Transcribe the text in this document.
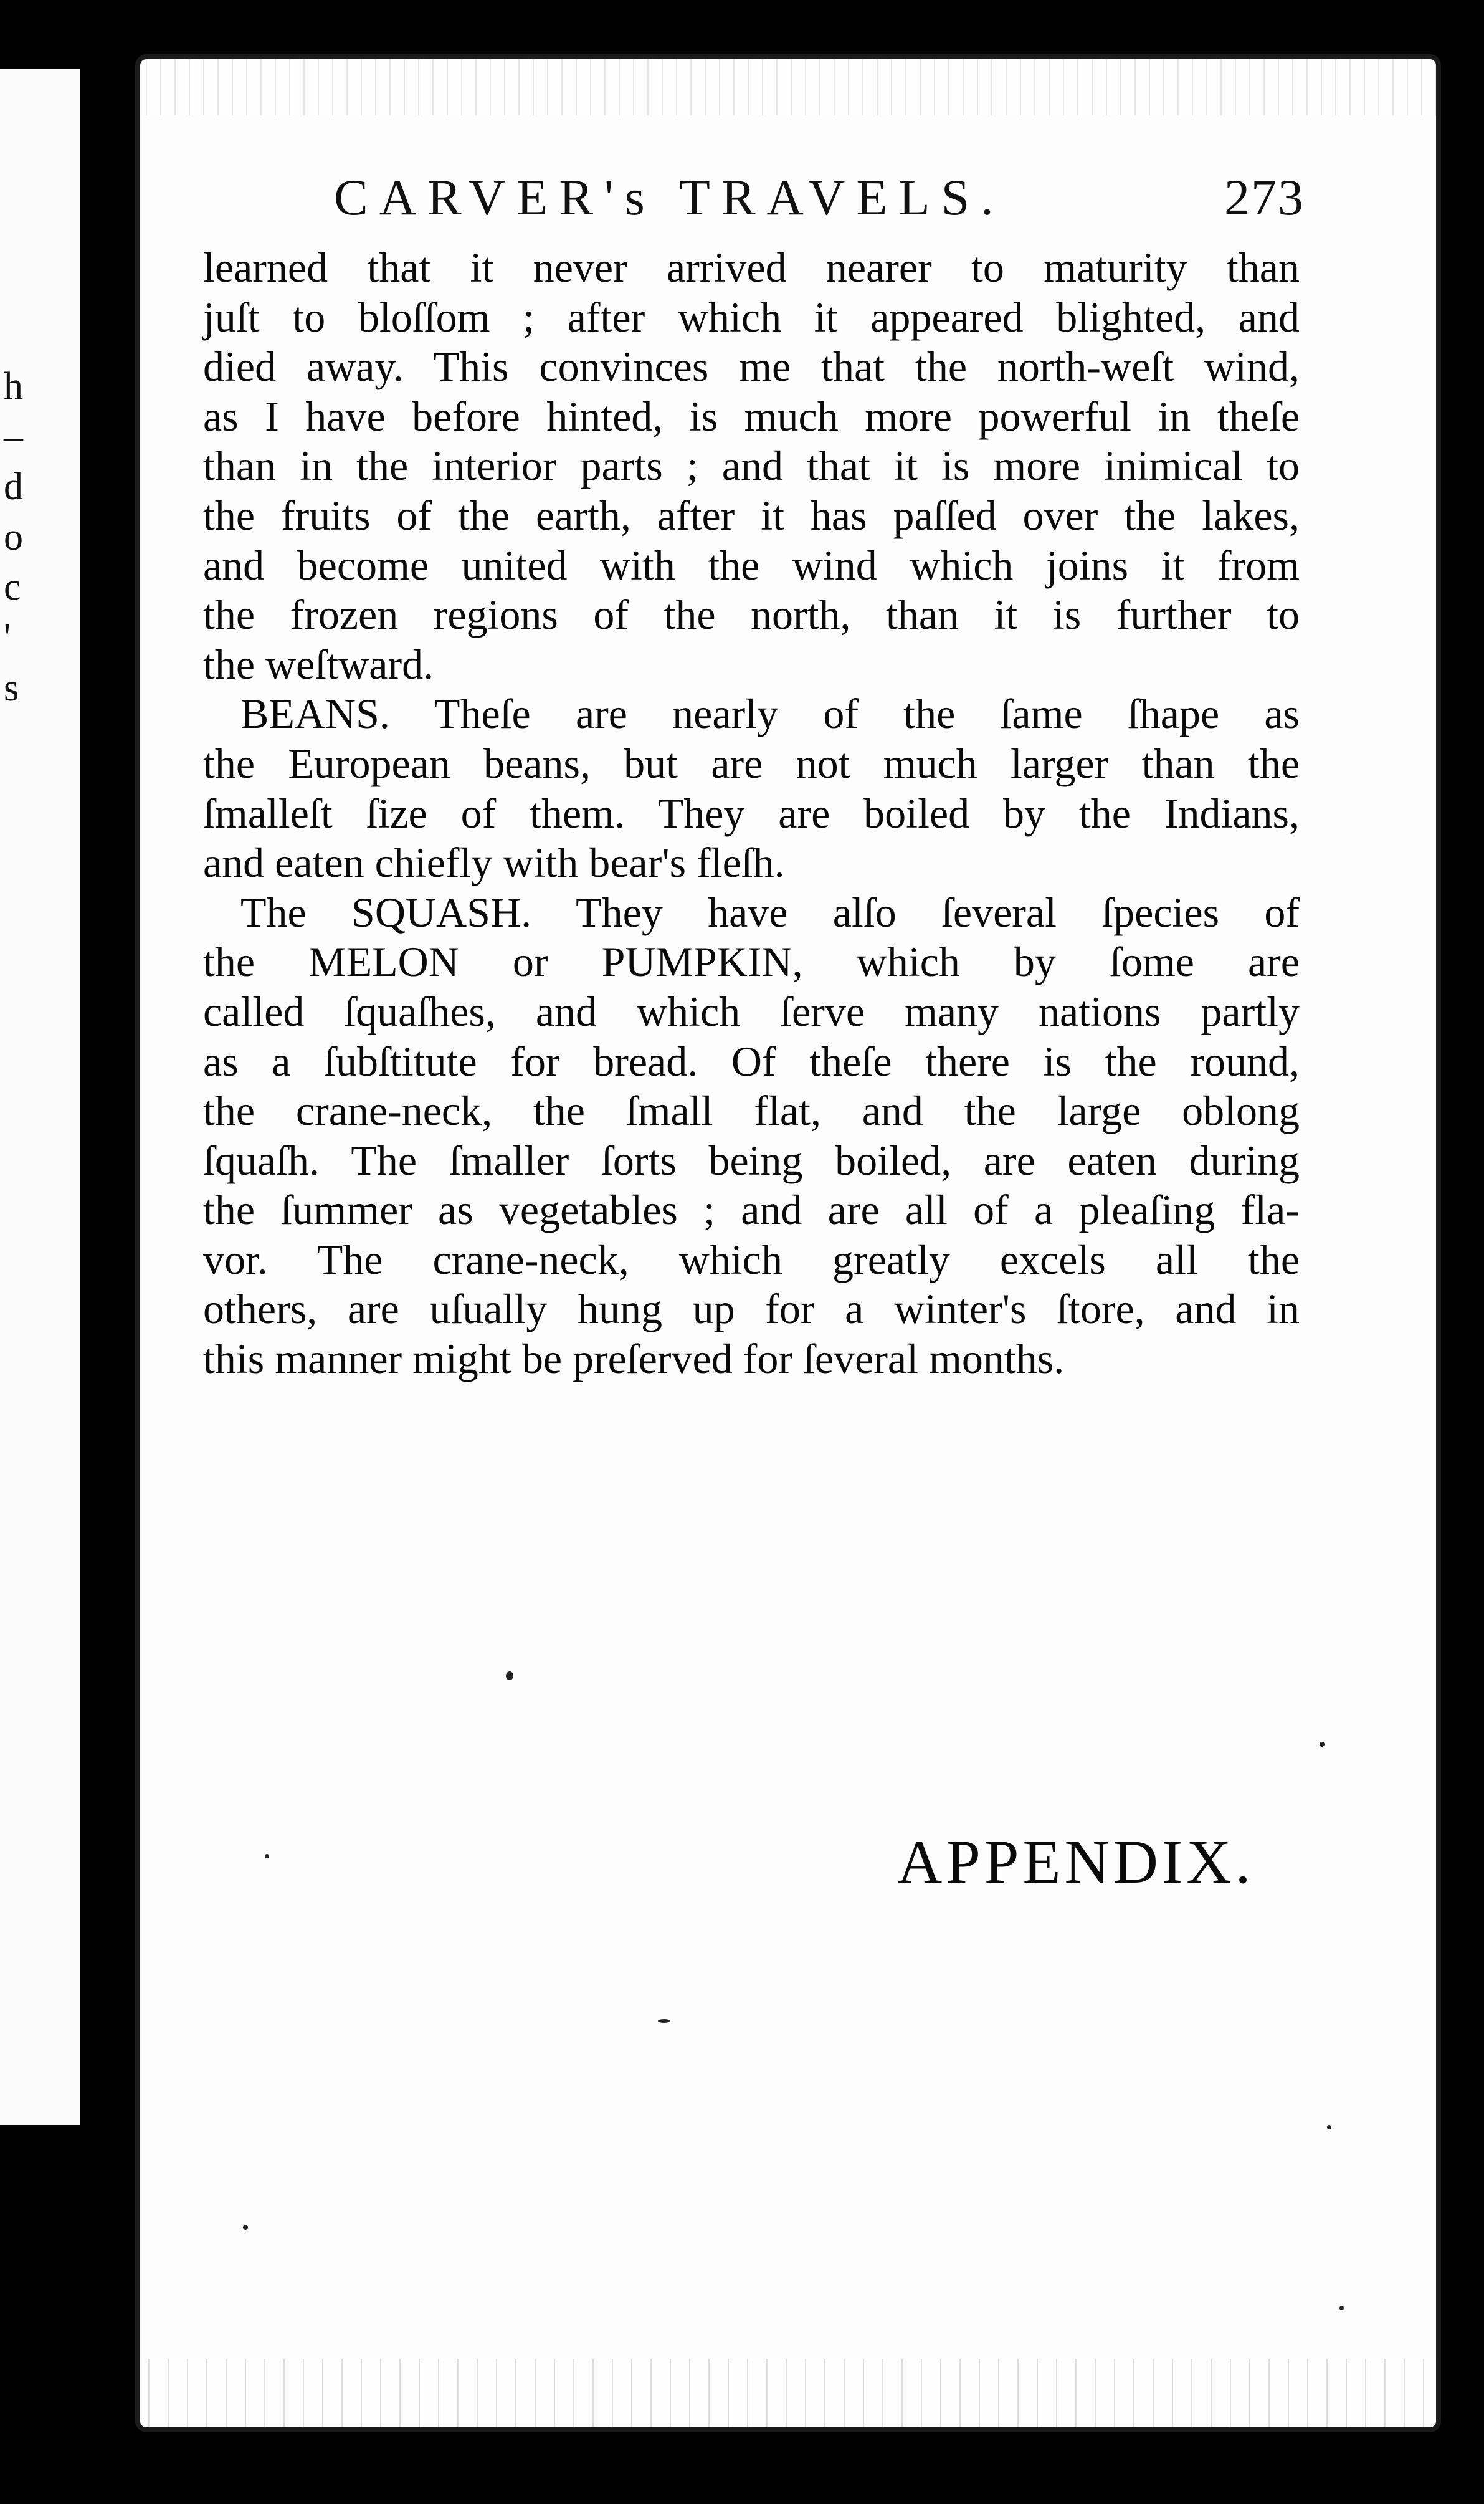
h
–
d
o
c
'
s
CARVER's TRAVELS.	273
learned that it never arrived nearer to maturity than
juſt to bloſſom ; after which it appeared blighted, and
died away. This convinces me that the north-weſt wind,
as I have before hinted, is much more powerful in theſe
than in the interior parts ; and that it is more inimical to
the fruits of the earth, after it has paſſed over the lakes,
and become united with the wind which joins it from
the frozen regions of the north, than it is further to
the weſtward.
BEANS. Theſe are nearly of the ſame ſhape as
the European beans, but are not much larger than the
ſmalleſt ſize of them. They are boiled by the Indians,
and eaten chiefly with bear's fleſh.
The SQUASH. They have alſo ſeveral ſpecies of
the MELON or PUMPKIN, which by ſome are
called ſquaſhes, and which ſerve many nations partly
as a ſubſtitute for bread. Of theſe there is the round,
the crane-neck, the ſmall flat, and the large oblong
ſquaſh. The ſmaller ſorts being boiled, are eaten during
the ſummer as vegetables ; and are all of a pleaſing fla-
vor. The crane-neck, which greatly excels all the
others, are uſually hung up for a winter's ſtore, and in
this manner might be preſerved for ſeveral months.
APPENDIX.
